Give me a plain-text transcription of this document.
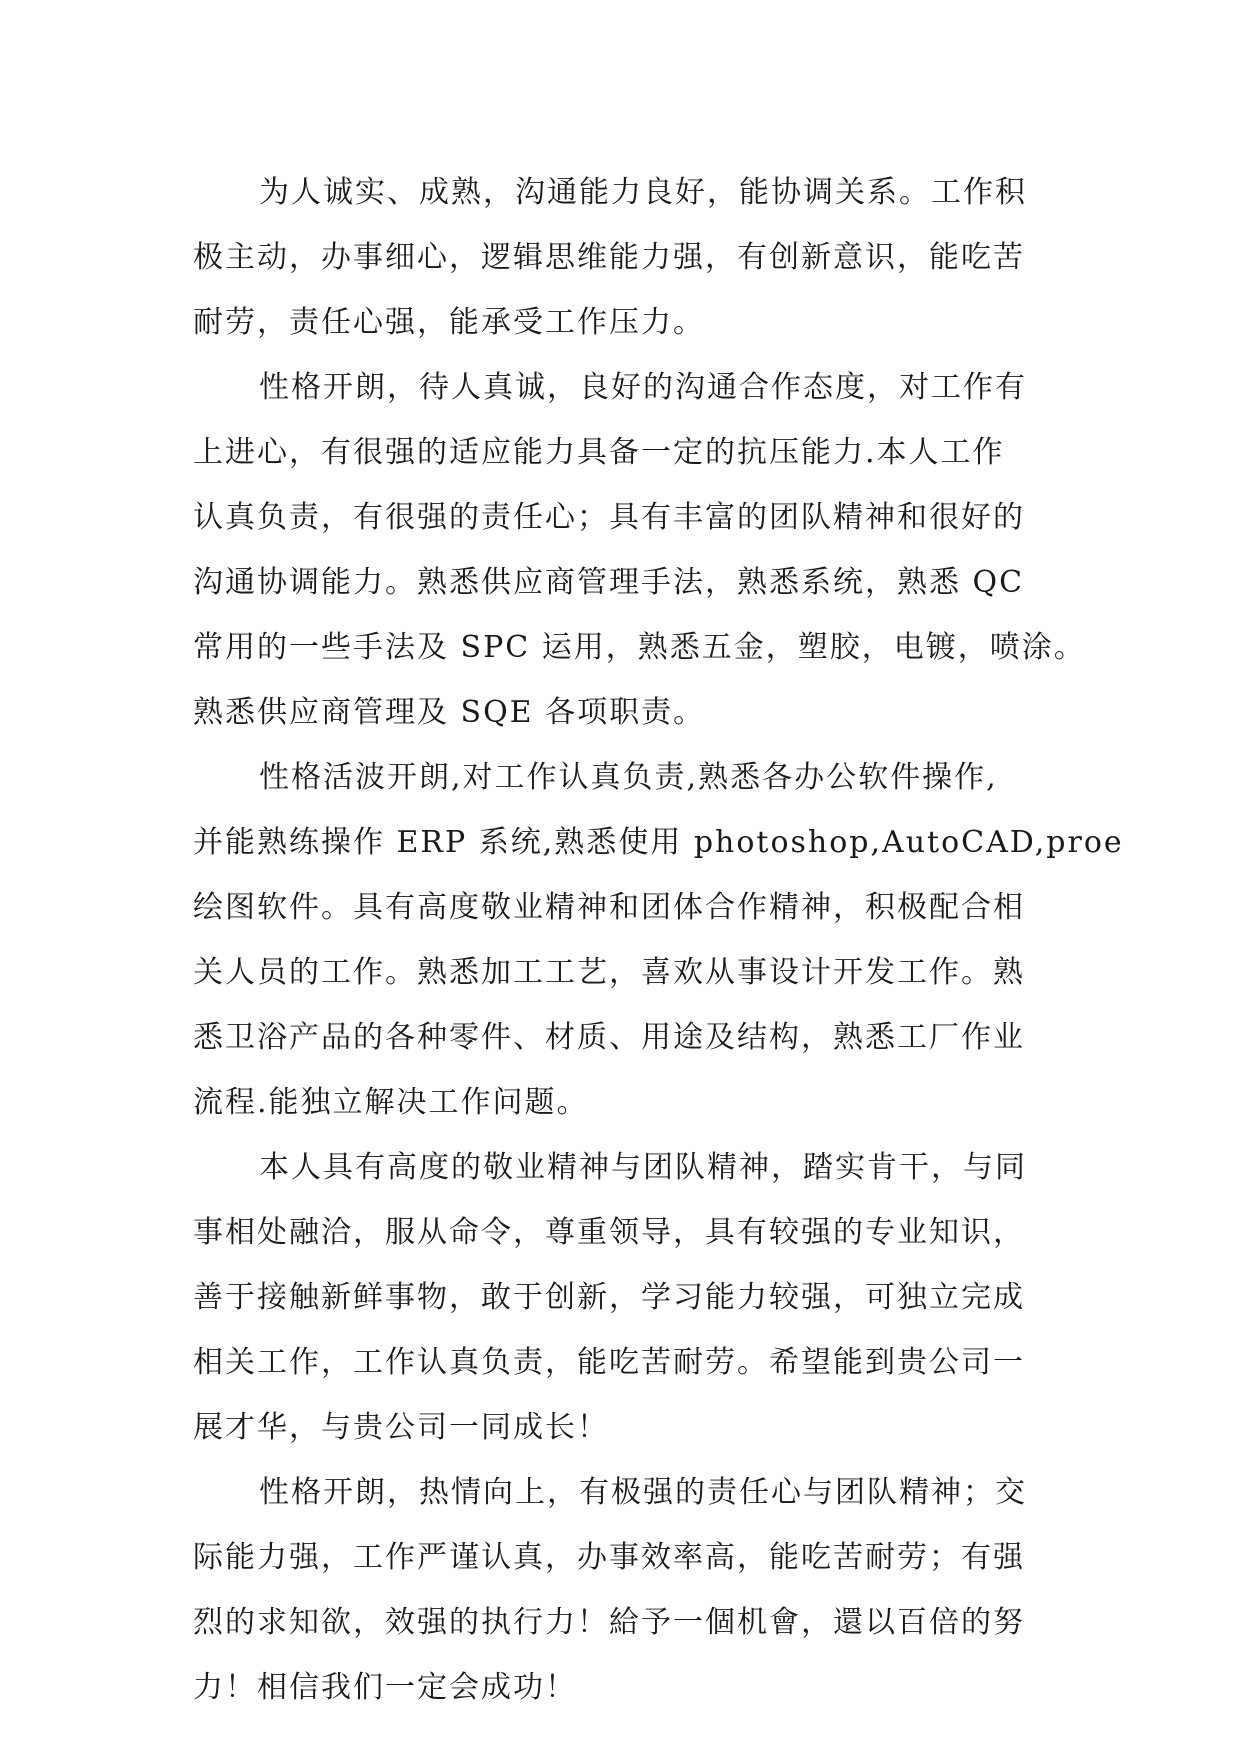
为人诚实、成熟，沟通能力良好，能协调关系。工作积
极主动，办事细心，逻辑思维能力强，有创新意识，能吃苦
耐劳，责任心强，能承受工作压力。
性格开朗，待人真诚，良好的沟通合作态度，对工作有
上进心，有很强的适应能力具备一定的抗压能力.本人工作
认真负责，有很强的责任心；具有丰富的团队精神和很好的
沟通协调能力。熟悉供应商管理手法，熟悉系统，熟悉 QC
常用的一些手法及 SPC 运用，熟悉五金，塑胶，电镀，喷涂。
熟悉供应商管理及 SQE 各项职责。
性格活波开朗,对工作认真负责,熟悉各办公软件操作,
并能熟练操作 ERP 系统,熟悉使用 photoshop,AutoCAD,proe
绘图软件。具有高度敬业精神和团体合作精神，积极配合相
关人员的工作。熟悉加工工艺，喜欢从事设计开发工作。熟
悉卫浴产品的各种零件、材质、用途及结构，熟悉工厂作业
流程.能独立解决工作问题。
本人具有高度的敬业精神与团队精神，踏实肯干，与同
事相处融洽，服从命令，尊重领导，具有较强的专业知识，
善于接触新鲜事物，敢于创新，学习能力较强，可独立完成
相关工作，工作认真负责，能吃苦耐劳。希望能到贵公司一
展才华，与贵公司一同成长！
性格开朗，热情向上，有极强的责任心与团队精神；交
际能力强，工作严谨认真，办事效率高，能吃苦耐劳；有强
烈的求知欲，效强的执行力！給予一個机會，還以百倍的努
力！相信我们一定会成功！
